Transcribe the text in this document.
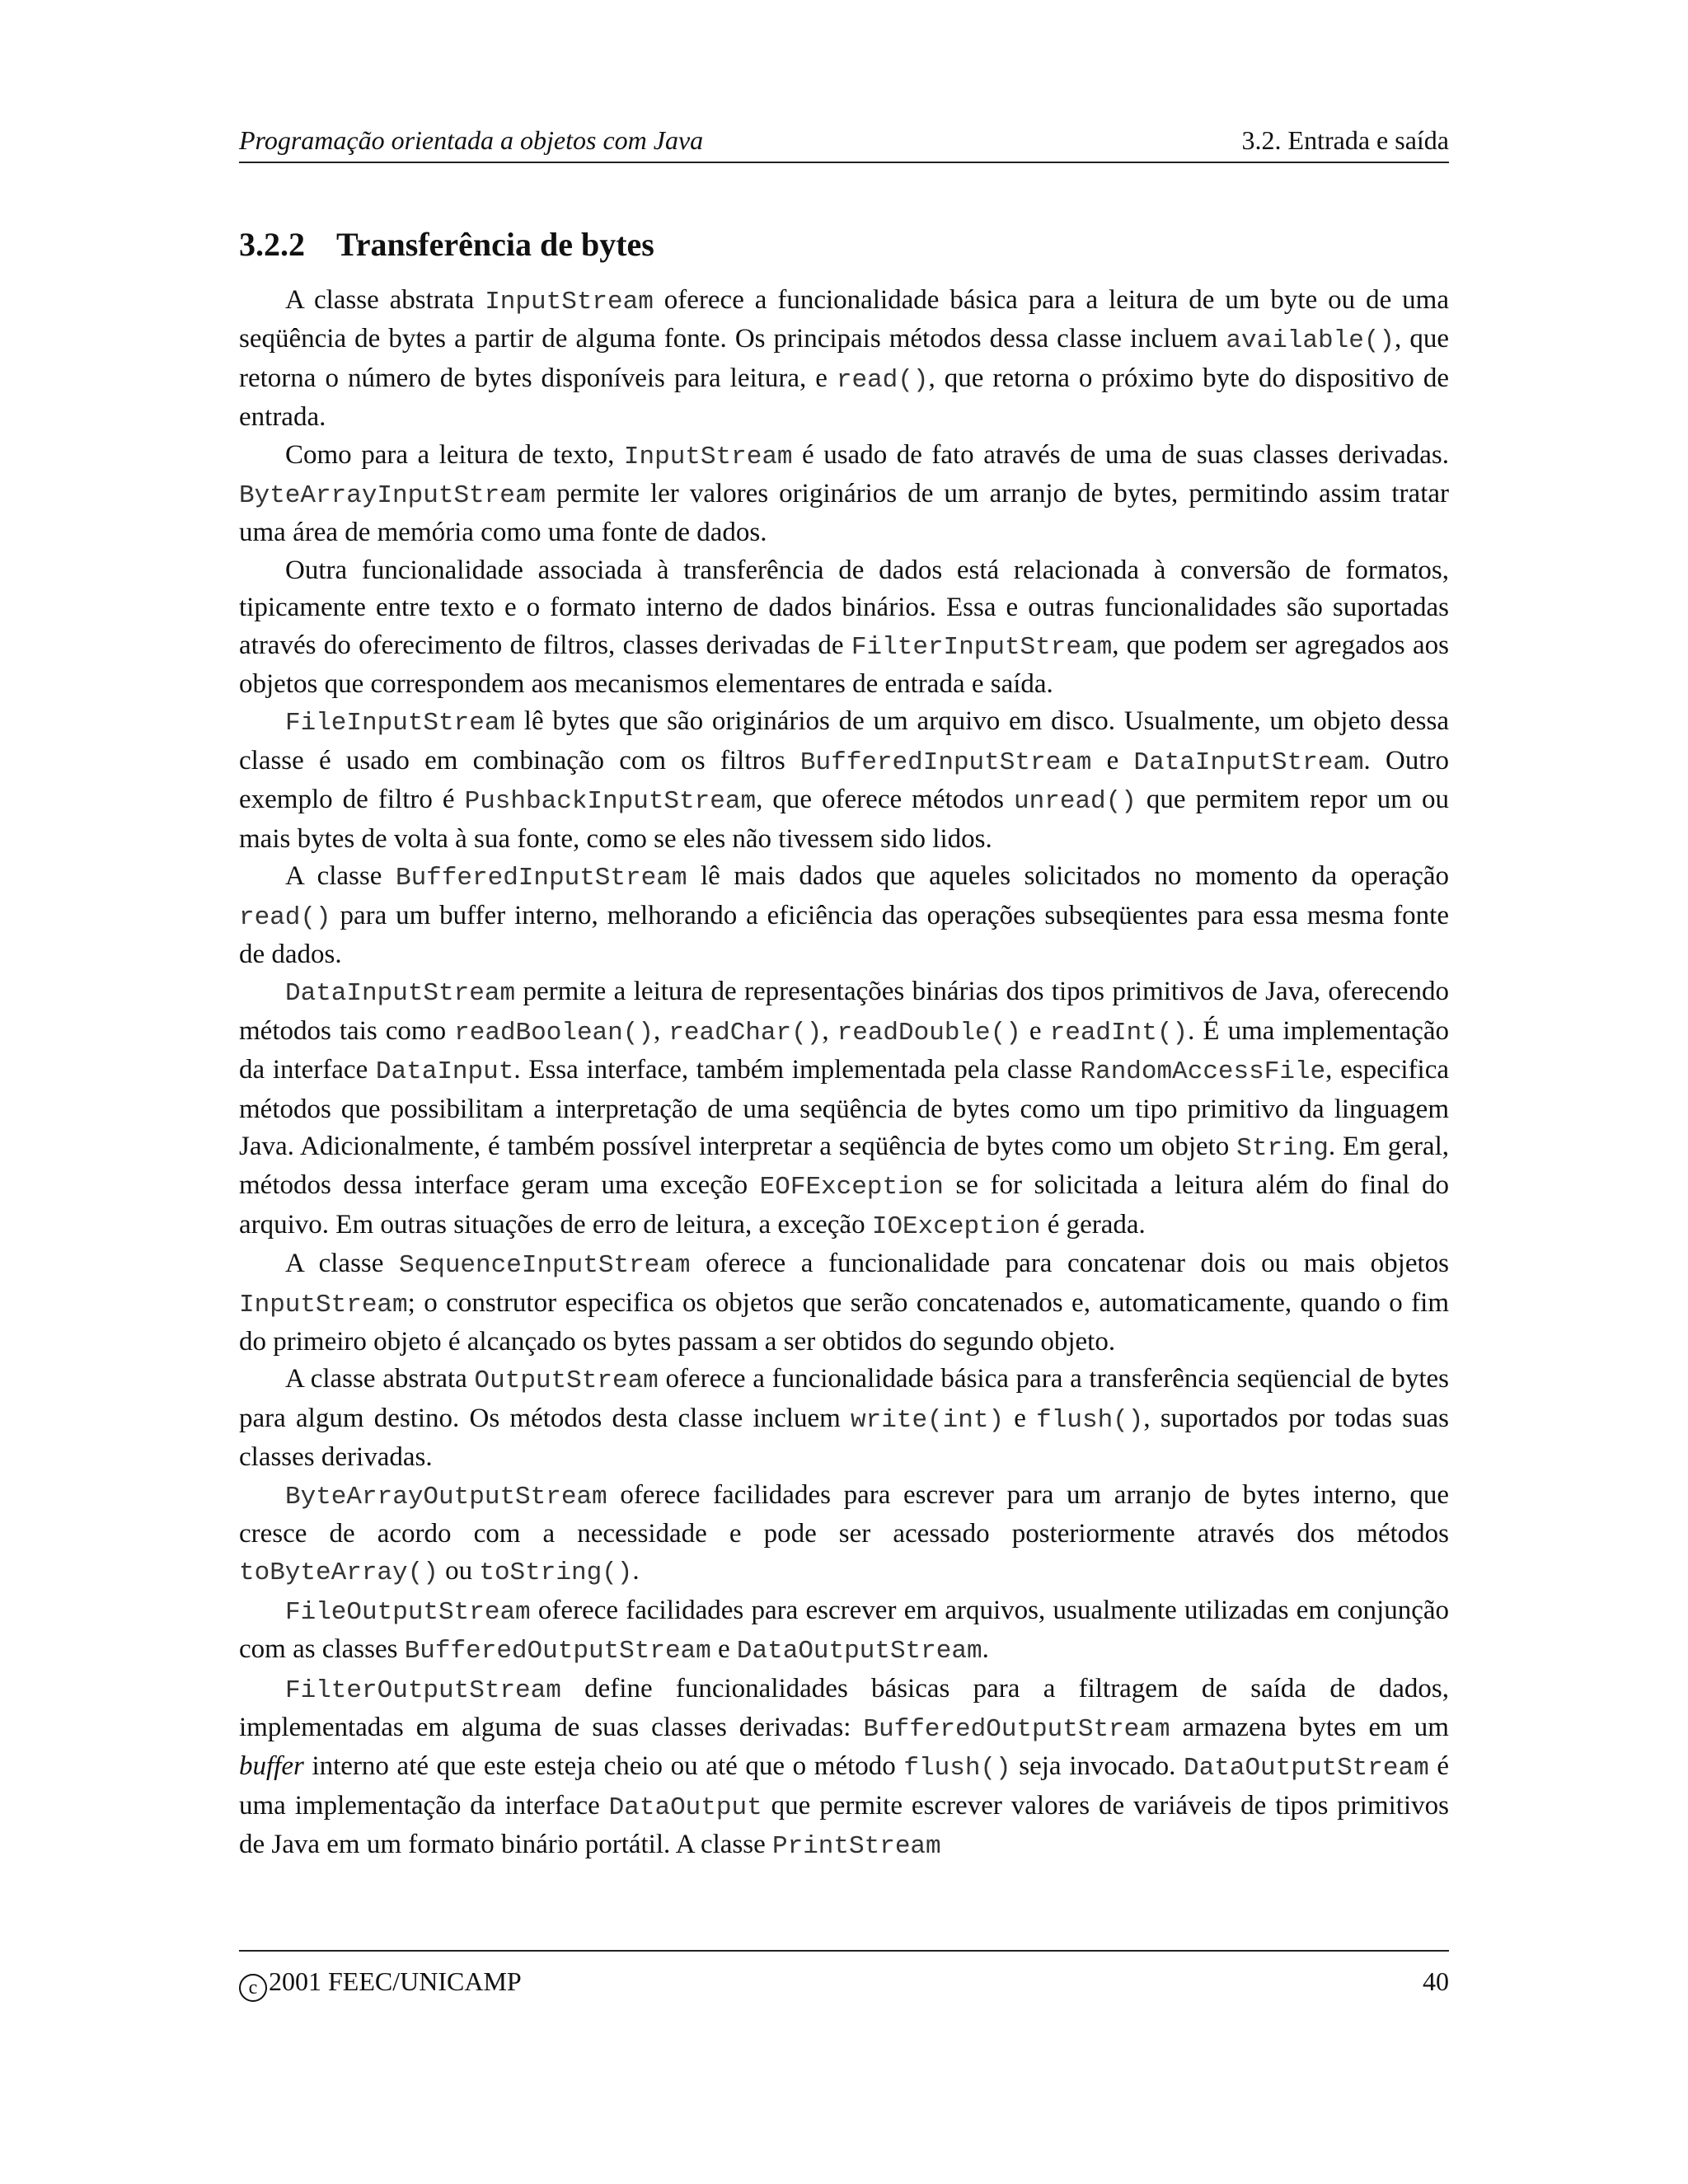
Programação orientada a objetos com Java	3.2. Entrada e saída
3.2.2 Transferência de bytes

A classe abstrata InputStream oferece a funcionalidade básica para a leitura de um byte ou de uma seqüência de bytes a partir de alguma fonte. Os principais métodos dessa classe incluem available(), que retorna o número de bytes disponíveis para leitura, e read(), que retorna o próximo byte do dispositivo de entrada.

Como para a leitura de texto, InputStream é usado de fato através de uma de suas classes derivadas. ByteArrayInputStream permite ler valores originários de um arranjo de bytes, permitindo assim tratar uma área de memória como uma fonte de dados.

Outra funcionalidade associada à transferência de dados está relacionada à conversão de formatos, tipicamente entre texto e o formato interno de dados binários. Essa e outras funcionalidades são suportadas através do oferecimento de filtros, classes derivadas de FilterInputStream, que podem ser agregados aos objetos que correspondem aos mecanismos elementares de entrada e saída.

FileInputStream lê bytes que são originários de um arquivo em disco. Usualmente, um objeto dessa classe é usado em combinação com os filtros BufferedInputStream e DataInputStream. Outro exemplo de filtro é PushbackInputStream, que oferece métodos unread() que permitem repor um ou mais bytes de volta à sua fonte, como se eles não tivessem sido lidos.

A classe BufferedInputStream lê mais dados que aqueles solicitados no momento da operação read() para um buffer interno, melhorando a eficiência das operações subseqüentes para essa mesma fonte de dados.

DataInputStream permite a leitura de representações binárias dos tipos primitivos de Java, oferecendo métodos tais como readBoolean(), readChar(), readDouble() e readInt(). É uma implementação da interface DataInput. Essa interface, também implementada pela classe RandomAccessFile, especifica métodos que possibilitam a interpretação de uma seqüência de bytes como um tipo primitivo da linguagem Java. Adicionalmente, é também possível interpretar a seqüência de bytes como um objeto String. Em geral, métodos dessa interface geram uma exceção EOFException se for solicitada a leitura além do final do arquivo. Em outras situações de erro de leitura, a exceção IOException é gerada.

A classe SequenceInputStream oferece a funcionalidade para concatenar dois ou mais objetos InputStream; o construtor especifica os objetos que serão concatenados e, automaticamente, quando o fim do primeiro objeto é alcançado os bytes passam a ser obtidos do segundo objeto.

A classe abstrata OutputStream oferece a funcionalidade básica para a transferência seqüencial de bytes para algum destino. Os métodos desta classe incluem write(int) e flush(), suportados por todas suas classes derivadas.

ByteArrayOutputStream oferece facilidades para escrever para um arranjo de bytes interno, que cresce de acordo com a necessidade e pode ser acessado posteriormente através dos métodos toByteArray() ou toString().

FileOutputStream oferece facilidades para escrever em arquivos, usualmente utilizadas em conjunção com as classes BufferedOutputStream e DataOutputStream.

FilterOutputStream define funcionalidades básicas para a filtragem de saída de dados, implementadas em alguma de suas classes derivadas: BufferedOutputStream armazena bytes em um buffer interno até que este esteja cheio ou até que o método flush() seja invocado. DataOutputStream é uma implementação da interface DataOutput que permite escrever valores de variáveis de tipos primitivos de Java em um formato binário portátil. A classe PrintStream

c 2001 FEEC/UNICAMP	40
